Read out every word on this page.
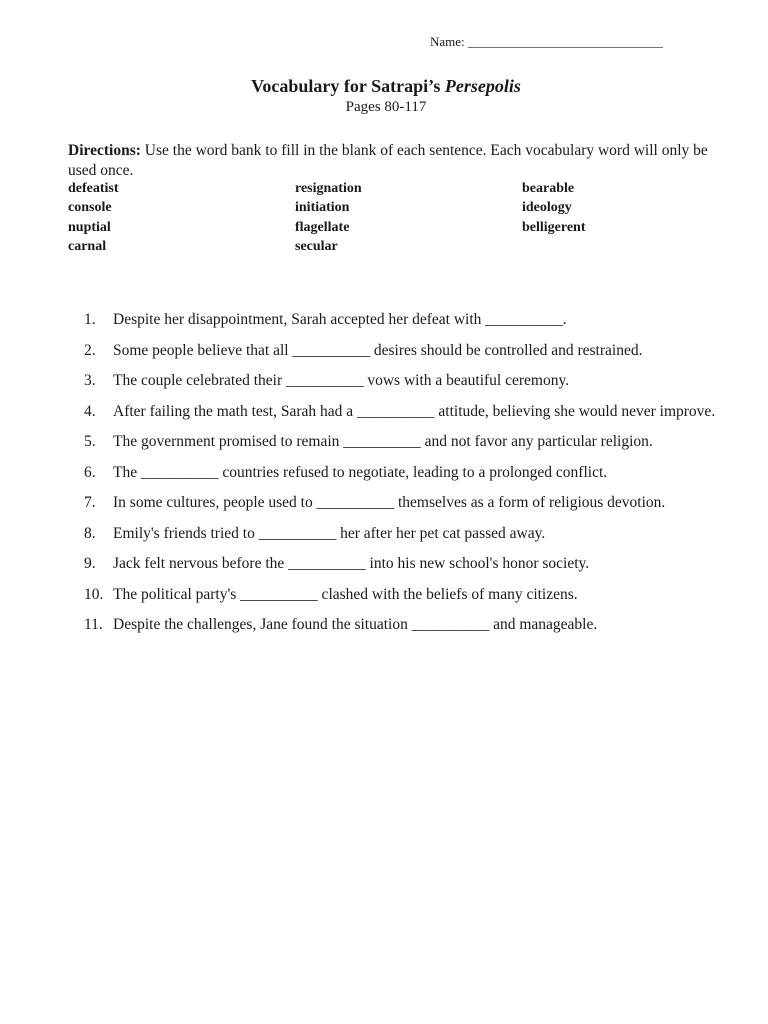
Name: ______________________________
Vocabulary for Satrapi’s Persepolis
Pages 80-117
Directions: Use the word bank to fill in the blank of each sentence. Each vocabulary word will only be used once.
defeatist	resignation	bearable
console	initiation	ideology
nuptial	flagellate	belligerent
carnal	secular
1.	Despite her disappointment, Sarah accepted her defeat with __________.
2.	Some people believe that all __________ desires should be controlled and restrained.
3.	The couple celebrated their __________ vows with a beautiful ceremony.
4.	After failing the math test, Sarah had a __________ attitude, believing she would never improve.
5.	The government promised to remain __________ and not favor any particular religion.
6.	The __________ countries refused to negotiate, leading to a prolonged conflict.
7.	In some cultures, people used to __________ themselves as a form of religious devotion.
8.	Emily's friends tried to __________ her after her pet cat passed away.
9.	Jack felt nervous before the __________ into his new school's honor society.
10. The political party's __________ clashed with the beliefs of many citizens.
11. Despite the challenges, Jane found the situation __________ and manageable.
